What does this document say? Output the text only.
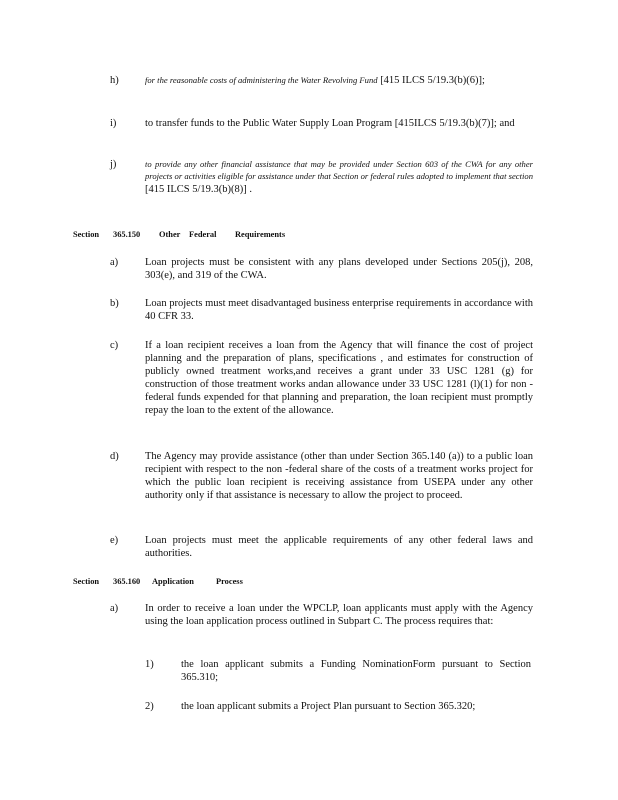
h)	for the reasonable costs of administering the Water Revolving Fund [415 ILCS 5/19.3(b)(6)];
i)	to transfer funds to the Public Water Supply Loan Program [415ILCS 5/19.3(b)(7)]; and
j)	to provide any other financial assistance that may be provided under Section 603 of the CWA for any other projects or activities eligible for assistance under that Section or federal rules adopted to implement that section [415 ILCS 5/19.3(b)(8)] .
Section 365.150 Other Federal Requirements
a)	Loan projects must be consistent with any plans developed under Sections 205(j), 208, 303(e), and 319 of the CWA.
b)	Loan projects must meet disadvantaged business enterprise requirements in accordance with 40 CFR 33.
c)	If a loan recipient receives a loan from the Agency that will finance the cost of project planning and the preparation of plans, specifications , and estimates for construction of publicly owned treatment works,and receives a grant under 33 USC 1281 (g) for construction of those treatment works andan allowance under 33 USC 1281 (l)(1) for non -federal funds expended for that planning and preparation, the loan recipient must promptly repay the loan to the extent of the allowance.
d)	The Agency may provide assistance (other than under Section 365.140 (a)) to a public loan recipient with respect to the non -federal share of the costs of a treatment works project for which the public loan recipient is receiving assistance from USEPA under any other authority only if that assistance is necessary to allow the project to proceed.
e)	Loan projects must meet the applicable requirements of any other federal laws and authorities.
Section 365.160 Application	Process
a)	In order to receive a loan under the WPCLP, loan applicants must apply with the Agency using the loan application process outlined in Subpart C. The process requires that:
1)	the loan applicant submits a Funding NominationForm pursuant to Section 365.310;
2)	the loan applicant submits a Project Plan pursuant to Section 365.320;
